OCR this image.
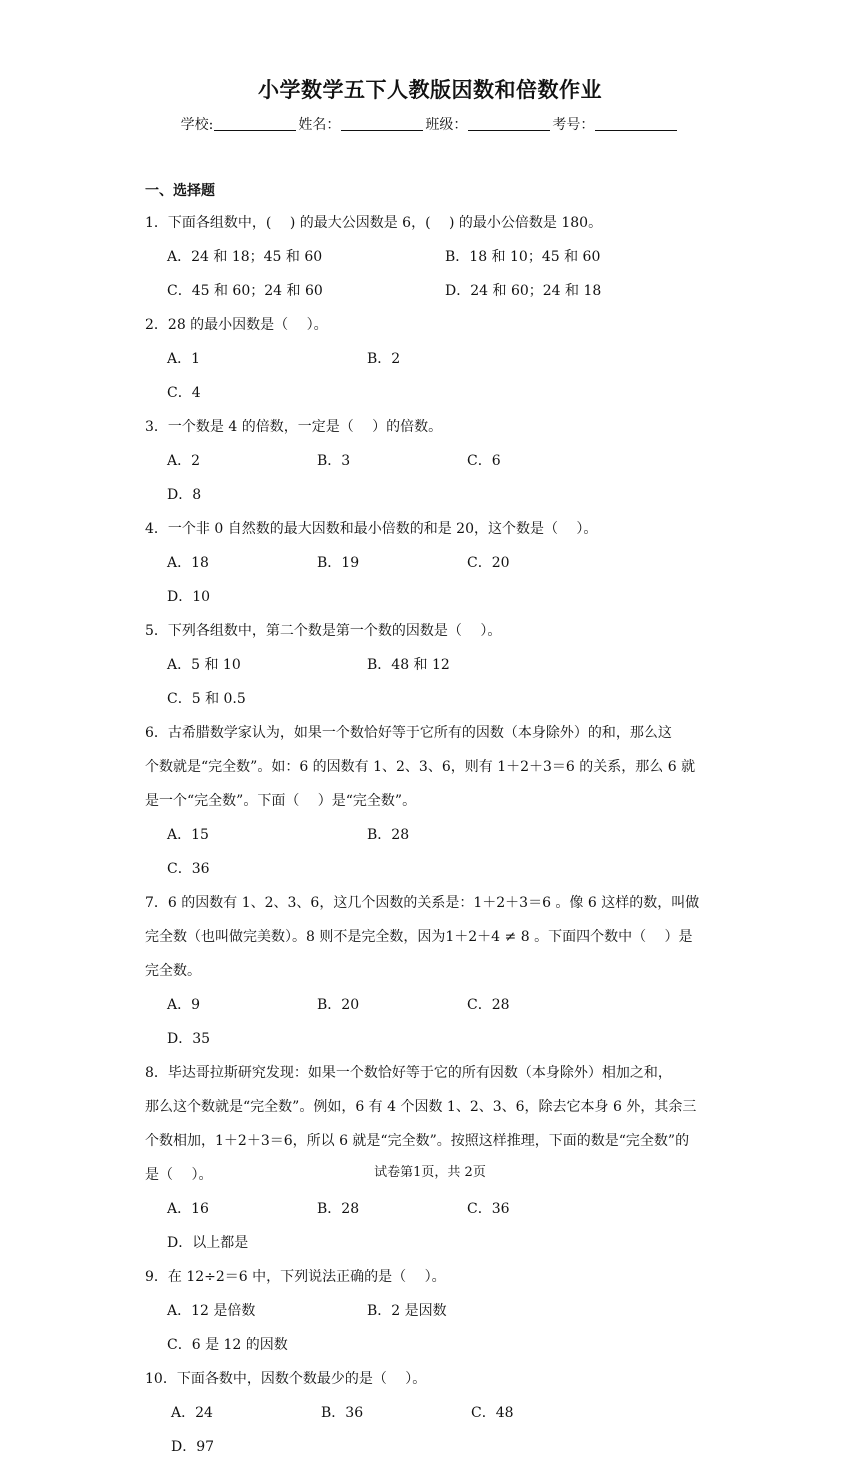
小学数学五下人教版因数和倍数作业
学校:	姓名：	班级：	考号：
一、选择题

1．下面各组数中，(　 ) 的最大公因数是 6，(　 ) 的最小公倍数是 180。

A．24 和 18；45 和 60	B．18 和 10；45 和 60
C．45 和 60；24 和 60	D．24 和 60；24 和 18

2．28 的最小因数是（　 ）。

A．1	B．2
C．4

3．一个数是 4 的倍数，一定是（　 ）的倍数。

A．2	B．3	C．6
D．8

4．一个非 0 自然数的最大因数和最小倍数的和是 20，这个数是（　 ）。

A．18	B．19	C．20
D．10

5．下列各组数中，第二个数是第一个数的因数是（　 ）。

A．5 和 10	B．48 和 12
C．5 和 0.5

6．古希腊数学家认为，如果一个数恰好等于它所有的因数（本身除外）的和，那么这

个数就是“完全数”。如：6 的因数有 1、2、3、6，则有 1＋2＋3＝6 的关系，那么 6 就

是一个“完全数”。下面（　 ）是“完全数”。

A．15	B．28
C．36

7．6 的因数有 1、2、3、6，这几个因数的关系是：1＋2＋3＝6 。像 6 这样的数，叫做

完全数（也叫做完美数）。8 则不是完全数，因为1＋2＋4 ≠ 8 。下面四个数中（　 ）是

完全数。

A．9	B．20	C．28
D．35

8．毕达哥拉斯研究发现：如果一个数恰好等于它的所有因数（本身除外）相加之和，

那么这个数就是“完全数”。例如，6 有 4 个因数 1、2、3、6，除去它本身 6 外，其余三

个数相加，1＋2＋3＝6，所以 6 就是“完全数”。按照这样推理，下面的数是“完全数”的

是（　 ）。

A．16	B．28	C．36
D．以上都是

9．在 12÷2＝6 中，下列说法正确的是（　 ）。

A．12 是倍数	B．2 是因数
C．6 是 12 的因数

10．下面各数中，因数个数最少的是（　 ）。

A．24	B．36	C．48
D．97
试卷第1页，共 2页
